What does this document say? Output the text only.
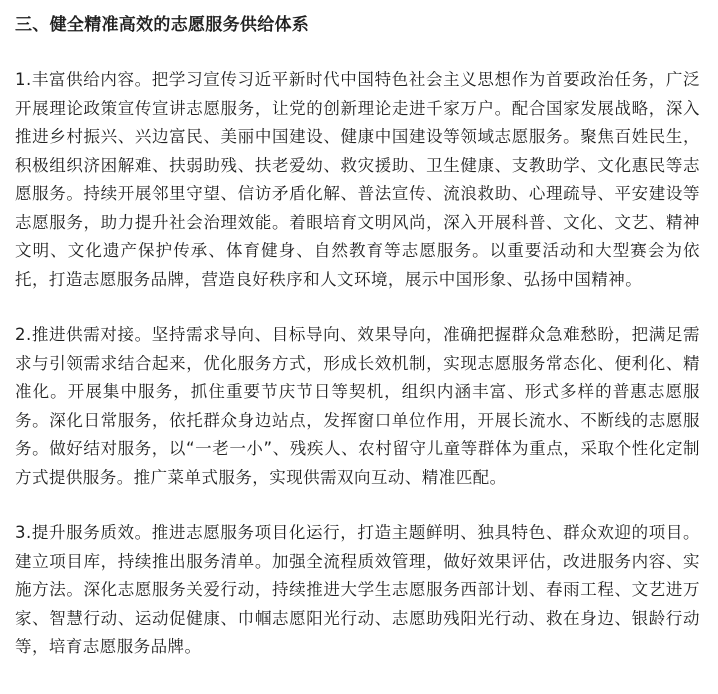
三、健全精准高效的志愿服务供给体系

1.丰富供给内容。把学习宣传习近平新时代中国特色社会主义思想作为首要政治任务，广泛开展理论政策宣传宣讲志愿服务，让党的创新理论走进千家万户。配合国家发展战略，深入推进乡村振兴、兴边富民、美丽中国建设、健康中国建设等领域志愿服务。聚焦百姓民生，积极组织济困解难、扶弱助残、扶老爱幼、救灾援助、卫生健康、支教助学、文化惠民等志愿服务。持续开展邻里守望、信访矛盾化解、普法宣传、流浪救助、心理疏导、平安建设等志愿服务，助力提升社会治理效能。着眼培育文明风尚，深入开展科普、文化、文艺、精神文明、文化遗产保护传承、体育健身、自然教育等志愿服务。以重要活动和大型赛会为依托，打造志愿服务品牌，营造良好秩序和人文环境，展示中国形象、弘扬中国精神。

2.推进供需对接。坚持需求导向、目标导向、效果导向，准确把握群众急难愁盼，把满足需求与引领需求结合起来，优化服务方式，形成长效机制，实现志愿服务常态化、便利化、精准化。开展集中服务，抓住重要节庆节日等契机，组织内涵丰富、形式多样的普惠志愿服务。深化日常服务，依托群众身边站点，发挥窗口单位作用，开展长流水、不断线的志愿服务。做好结对服务，以“一老一小”、残疾人、农村留守儿童等群体为重点，采取个性化定制方式提供服务。推广菜单式服务，实现供需双向互动、精准匹配。

3.提升服务质效。推进志愿服务项目化运行，打造主题鲜明、独具特色、群众欢迎的项目。建立项目库，持续推出服务清单。加强全流程质效管理，做好效果评估，改进服务内容、实施方法。深化志愿服务关爱行动，持续推进大学生志愿服务西部计划、春雨工程、文艺进万家、智慧行动、运动促健康、巾帼志愿阳光行动、志愿助残阳光行动、救在身边、银龄行动等，培育志愿服务品牌。
